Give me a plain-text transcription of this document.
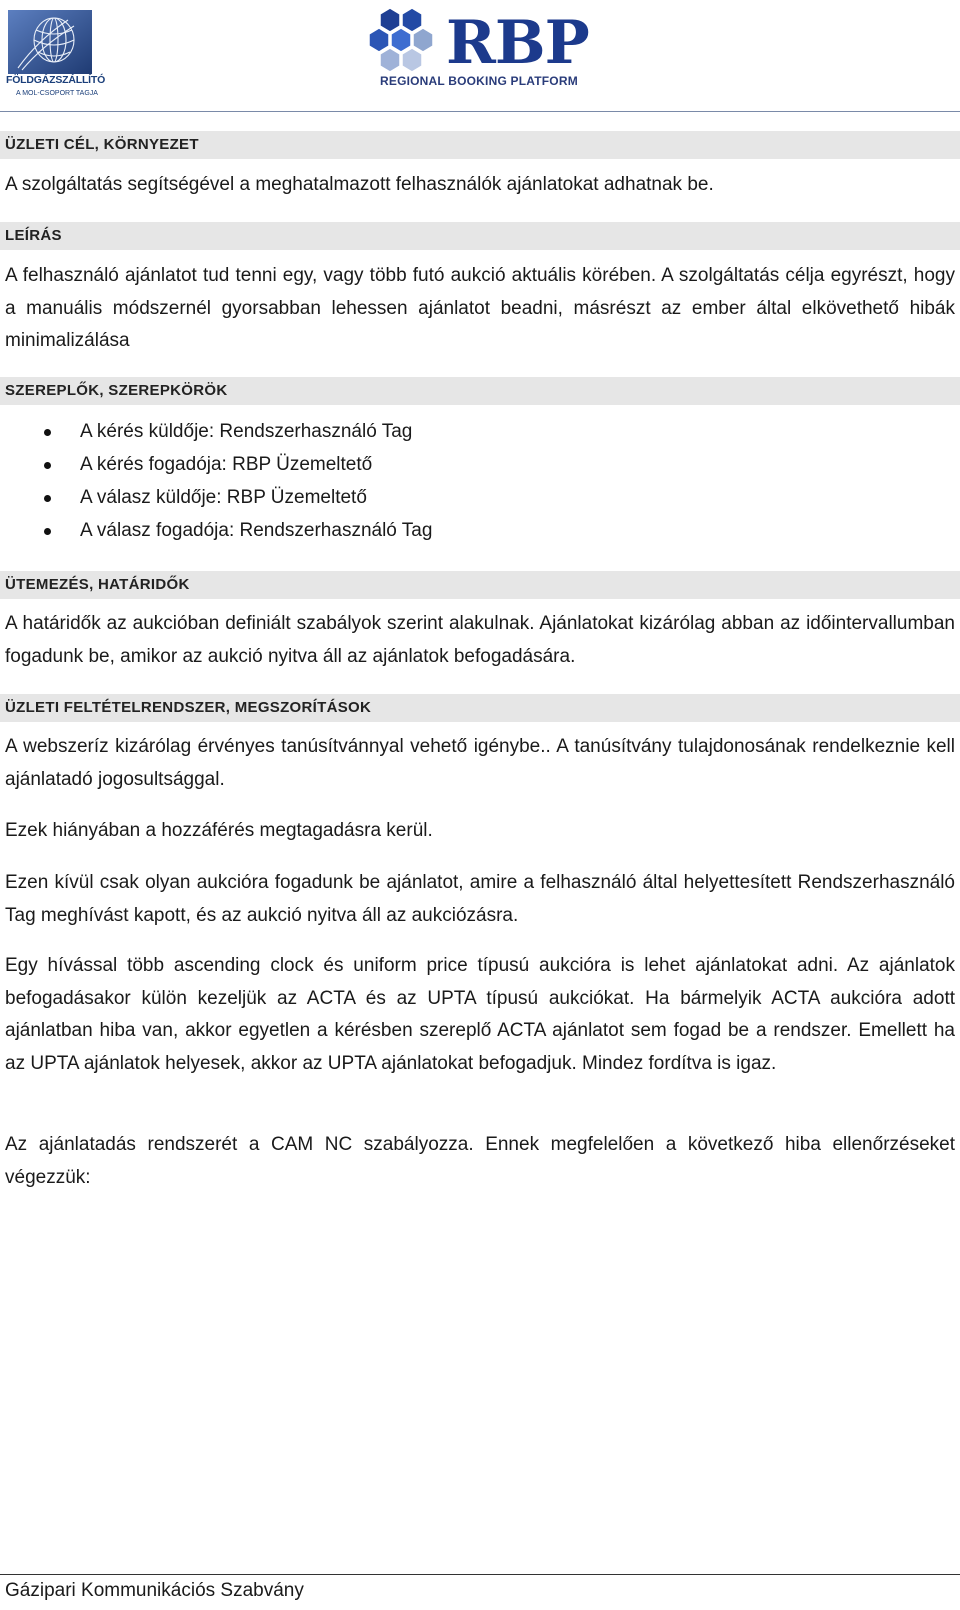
FÖLDGÁZSZÁLLÍTÓ
A MOL-CSOPORT TAGJA
RBP
REGIONAL BOOKING PLATFORM
ÜZLETI CÉL, KÖRNYEZET
A szolgáltatás segítségével a meghatalmazott felhasználók ajánlatokat adhatnak be.
LEÍRÁS
A felhasználó ajánlatot tud tenni egy, vagy több futó aukció aktuális körében. A szolgáltatás célja egyrészt, hogy a manuális módszernél gyorsabban lehessen ajánlatot beadni, másrészt az ember által elkövethető hibák minimalizálása
SZEREPLŐK, SZEREPKÖRÖK
A kérés küldője: Rendszerhasználó Tag
A kérés fogadója: RBP Üzemeltető
A válasz küldője: RBP Üzemeltető
A válasz fogadója: Rendszerhasználó Tag
ÜTEMEZÉS, HATÁRIDŐK
A határidők az aukcióban definiált szabályok szerint alakulnak. Ajánlatokat kizárólag abban az időintervallumban fogadunk be, amikor az aukció nyitva áll az ajánlatok befogadására.
ÜZLETI FELTÉTELRENDSZER, MEGSZORÍTÁSOK
A webszeríz kizárólag érvényes tanúsítvánnyal vehető igénybe.. A tanúsítvány tulajdonosának rendelkeznie kell ajánlatadó jogosultsággal.
Ezek hiányában a hozzáférés megtagadásra kerül.
Ezen kívül csak olyan aukcióra fogadunk be ajánlatot, amire a felhasználó által helyettesített Rendszerhasználó Tag meghívást kapott, és az aukció nyitva áll az aukciózásra.
Egy hívással több ascending clock és uniform price típusú aukcióra is lehet ajánlatokat adni. Az ajánlatok befogadásakor külön kezeljük az ACTA és az UPTA típusú aukciókat. Ha bármelyik ACTA aukcióra adott ajánlatban hiba van, akkor egyetlen a kérésben szereplő ACTA ajánlatot sem fogad be a rendszer. Emellett ha az UPTA ajánlatok helyesek, akkor az UPTA ajánlatokat befogadjuk. Mindez fordítva is igaz.
Az ajánlatadás rendszerét a CAM NC szabályozza. Ennek megfelelően a következő hiba ellenőrzéseket végezzük:
Gázipari Kommunikációs Szabvány
